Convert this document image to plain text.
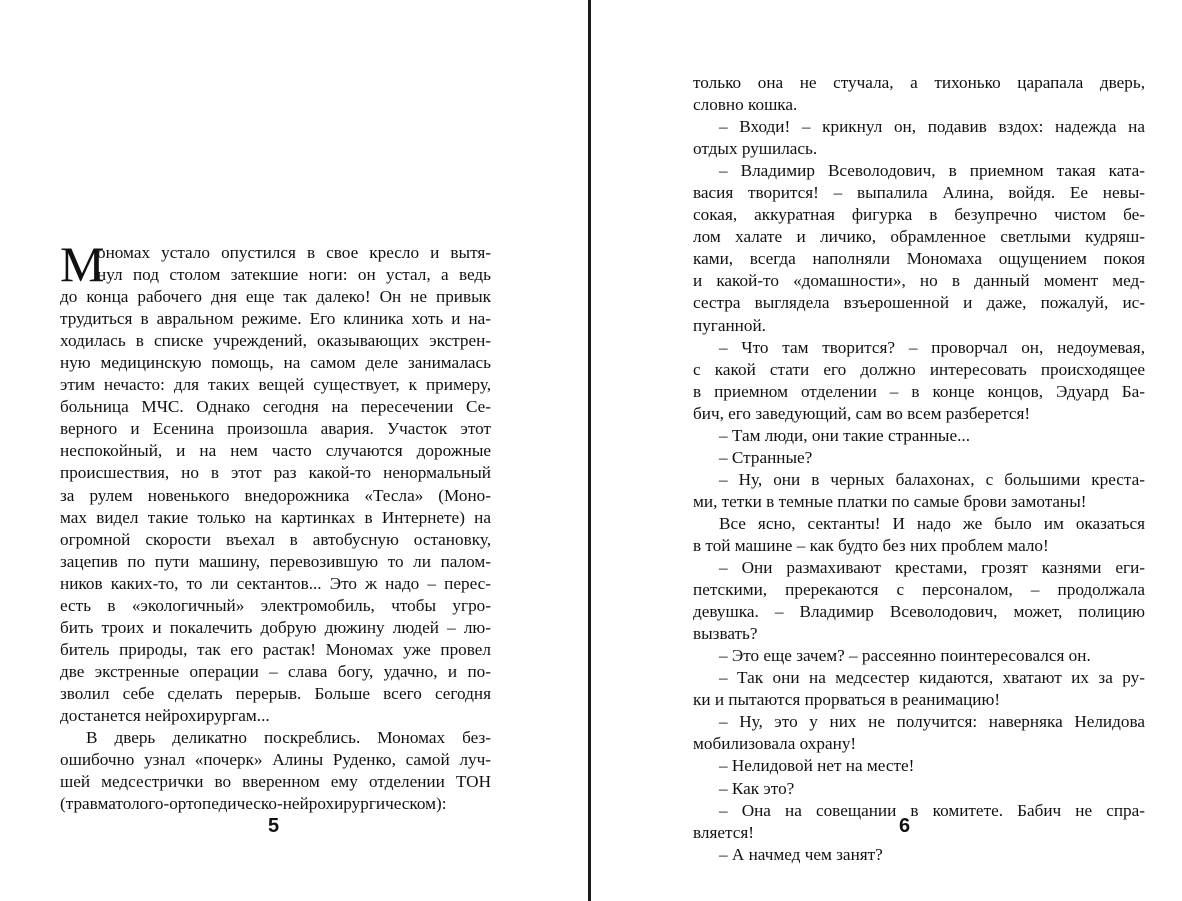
М
ономах устало опустился в свое кресло и вытя-
нул под столом затекшие ноги: он устал, а ведь
до конца рабочего дня еще так далеко! Он не привык
трудиться в авральном режиме. Его клиника хоть и на-
ходилась в списке учреждений, оказывающих экстрен-
ную медицинскую помощь, на самом деле занималась
этим нечасто: для таких вещей существует, к примеру,
больница МЧС. Однако сегодня на пересечении Се-
верного и Есенина произошла авария. Участок этот
неспокойный, и на нем часто случаются дорожные
происшествия, но в этот раз какой-то ненормальный
за рулем новенького внедорожника «Тесла» (Моно-
мах видел такие только на картинках в Интернете) на
огромной скорости въехал в автобусную остановку,
зацепив по пути машину, перевозившую то ли палом-
ников каких-то, то ли сектантов... Это ж надо – перес-
есть в «экологичный» электромобиль, чтобы угро-
бить троих и покалечить добрую дюжину людей – лю-
битель природы, так его растак! Мономах уже провел
две экстренные операции – слава богу, удачно, и по-
зволил себе сделать перерыв. Больше всего сегодня
достанется нейрохирургам...
В дверь деликатно поскреблись. Мономах без-
ошибочно узнал «почерк» Алины Руденко, самой луч-
шей медсестрички во вверенном ему отделении ТОН
(травматолого-ортопедическо-нейрохирургическом):
5
только она не стучала, а тихонько царапала дверь,
словно кошка.
– Входи! – крикнул он, подавив вздох: надежда на
отдых рушилась.
– Владимир Всеволодович, в приемном такая ката-
васия творится! – выпалила Алина, войдя. Ее невы-
сокая, аккуратная фигурка в безупречно чистом бе-
лом халате и личико, обрамленное светлыми кудряш-
ками, всегда наполняли Мономаха ощущением покоя
и какой-то «домашности», но в данный момент мед-
сестра выглядела взъерошенной и даже, пожалуй, ис-
пуганной.
– Что там творится? – проворчал он, недоумевая,
с какой стати его должно интересовать происходящее
в приемном отделении – в конце концов, Эдуард Ба-
бич, его заведующий, сам во всем разберется!
– Там люди, они такие странные...
– Странные?
– Ну, они в черных балахонах, с большими креста-
ми, тетки в темные платки по самые брови замотаны!
Все ясно, сектанты! И надо же было им оказаться
в той машине – как будто без них проблем мало!
– Они размахивают крестами, грозят казнями еги-
петскими, пререкаются с персоналом, – продолжала
девушка. – Владимир Всеволодович, может, полицию
вызвать?
– Это еще зачем? – рассеянно поинтересовался он.
– Так они на медсестер кидаются, хватают их за ру-
ки и пытаются прорваться в реанимацию!
– Ну, это у них не получится: наверняка Нелидова
мобилизовала охрану!
– Нелидовой нет на месте!
– Как это?
– Она на совещании в комитете. Бабич не спра-
вляется!
– А начмед чем занят?
6
